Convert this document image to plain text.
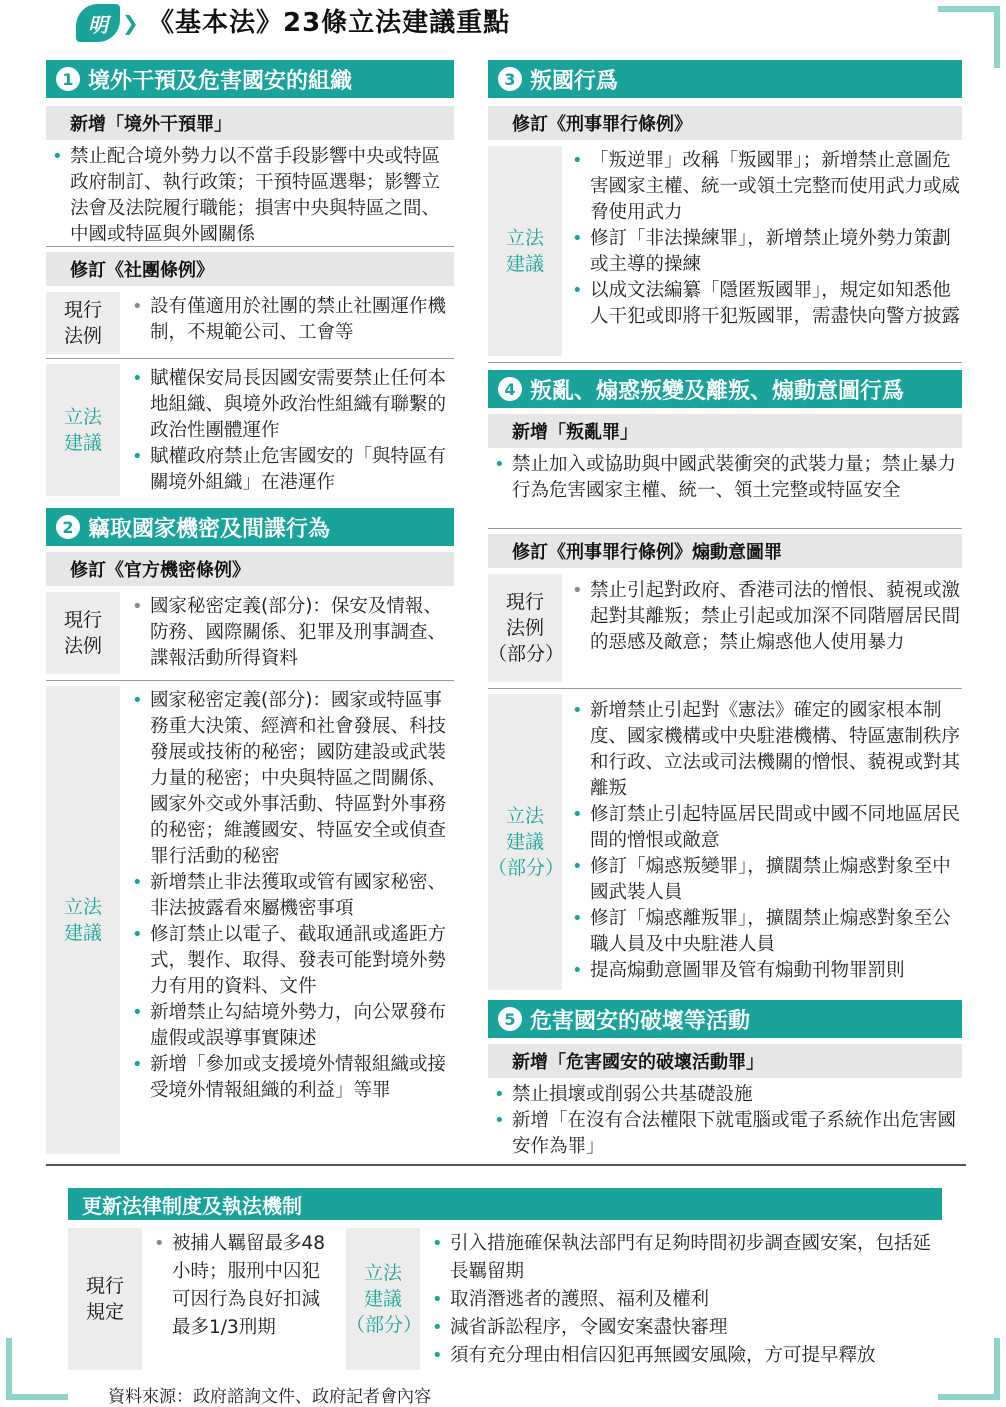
明 ❯ 《基本法》23條立法建議重點
1 境外干預及危害國安的組織
新增「境外干預罪」
• 禁止配合境外勢力以不當手段影響中央或特區政府制訂、執行政策；干預特區選舉；影響立法會及法院履行職能；損害中央與特區之間、中國或特區與外國關係
修訂《社團條例》
現行
法例
• 設有僅適用於社團的禁止社團運作機制，不規範公司、工會等
立法
建議
• 賦權保安局長因國安需要禁止任何本地組織、與境外政治性組織有聯繫的政治性團體運作
• 賦權政府禁止危害國安的「與特區有關境外組織」在港運作
2 竊取國家機密及間諜行為
修訂《官方機密條例》
現行
法例
• 國家秘密定義(部分)：保安及情報、防務、國際關係、犯罪及刑事調查、諜報活動所得資料
立法
建議
• 國家秘密定義(部分)：國家或特區事務重大決策、經濟和社會發展、科技發展或技術的秘密；國防建設或武裝力量的秘密；中央與特區之間關係、國家外交或外事活動、特區對外事務的秘密；維護國安、特區安全或偵查罪行活動的秘密
• 新增禁止非法獲取或管有國家秘密、非法披露看來屬機密事項
• 修訂禁止以電子、截取通訊或遙距方式，製作、取得、發表可能對境外勢力有用的資料、文件
• 新增禁止勾結境外勢力，向公眾發布虛假或誤導事實陳述
• 新增「參加或支援境外情報組織或接受境外情報組織的利益」等罪
3 叛國行爲
修訂《刑事罪行條例》
立法
建議
• 「叛逆罪」改稱「叛國罪」；新增禁止意圖危害國家主權、統一或領土完整而使用武力或威脅使用武力
• 修訂「非法操練罪」，新增禁止境外勢力策劃或主導的操練
• 以成文法編纂「隱匿叛國罪」，規定如知悉他人干犯或即將干犯叛國罪，需盡快向警方披露
4 叛亂、煽惑叛變及離叛、煽動意圖行爲
新增「叛亂罪」
• 禁止加入或協助與中國武裝衝突的武裝力量；禁止暴力行為危害國家主權、統一、領土完整或特區安全
修訂《刑事罪行條例》煽動意圖罪
現行
法例
（部分）
• 禁止引起對政府、香港司法的憎恨、藐視或激起對其離叛；禁止引起或加深不同階層居民間的惡感及敵意；禁止煽惑他人使用暴力
立法
建議
（部分）
• 新增禁止引起對《憲法》確定的國家根本制度、國家機構或中央駐港機構、特區憲制秩序和行政、立法或司法機關的憎恨、藐視或對其離叛
• 修訂禁止引起特區居民間或中國不同地區居民間的憎恨或敵意
• 修訂「煽惑叛變罪」，擴闊禁止煽惑對象至中國武裝人員
• 修訂「煽惑離叛罪」，擴闊禁止煽惑對象至公職人員及中央駐港人員
• 提高煽動意圖罪及管有煽動刊物罪罰則
5 危害國安的破壞等活動
新增「危害國安的破壞活動罪」
• 禁止損壞或削弱公共基礎設施
• 新增「在沒有合法權限下就電腦或電子系統作出危害國安作為罪」
更新法律制度及執法機制
現行
規定
• 被捕人羈留最多48小時；服刑中囚犯可因行為良好扣減最多1/3刑期
立法
建議
（部分）
• 引入措施確保執法部門有足夠時間初步調查國安案，包括延長羈留期
• 取消潛逃者的護照、福利及權利
• 減省訴訟程序，令國安案盡快審理
• 須有充分理由相信囚犯再無國安風險，方可提早釋放
資料來源：政府諮詢文件、政府記者會內容
